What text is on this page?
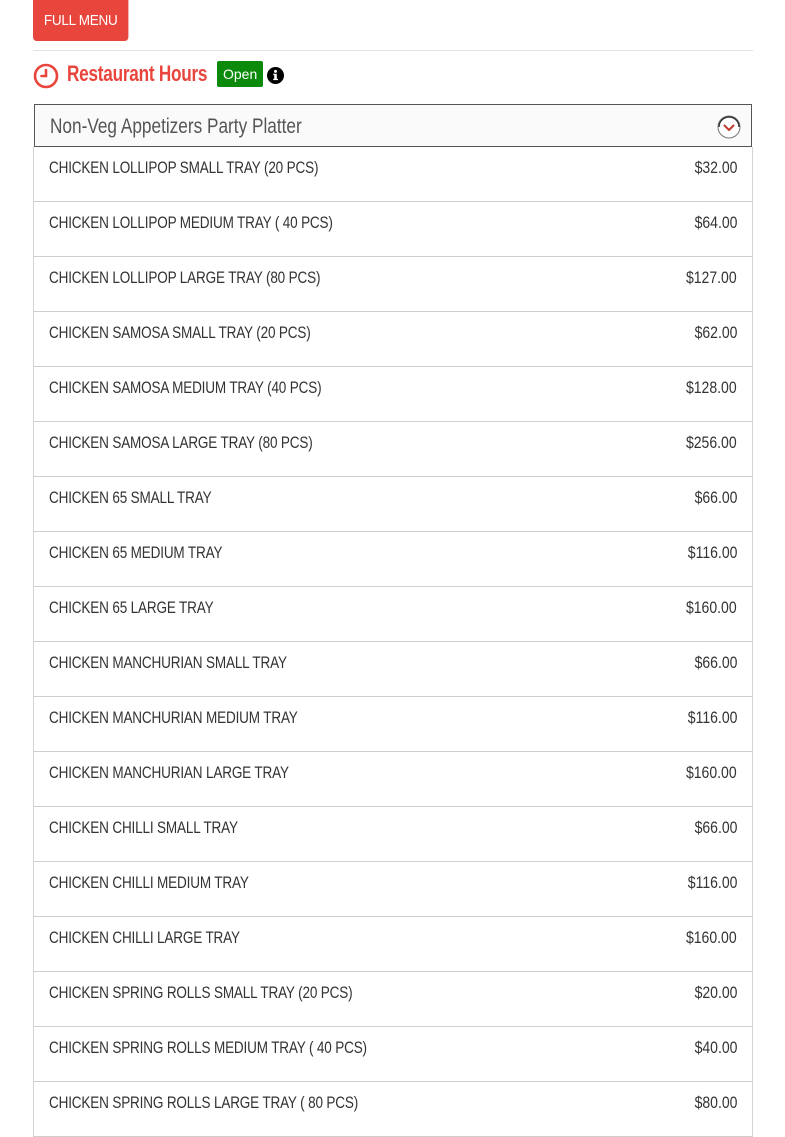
FULL MENU
Restaurant Hours	Open
Non-Veg Appetizers Party Platter
CHICKEN LOLLIPOP SMALL TRAY (20 PCS)	$32.00
CHICKEN LOLLIPOP MEDIUM TRAY ( 40 PCS)	$64.00
CHICKEN LOLLIPOP LARGE TRAY (80 PCS)	$127.00
CHICKEN SAMOSA SMALL TRAY (20 PCS)	$62.00
CHICKEN SAMOSA MEDIUM TRAY (40 PCS)	$128.00
CHICKEN SAMOSA LARGE TRAY (80 PCS)	$256.00
CHICKEN 65 SMALL TRAY	$66.00
CHICKEN 65 MEDIUM TRAY	$116.00
CHICKEN 65 LARGE TRAY	$160.00
CHICKEN MANCHURIAN SMALL TRAY	$66.00
CHICKEN MANCHURIAN MEDIUM TRAY	$116.00
CHICKEN MANCHURIAN LARGE TRAY	$160.00
CHICKEN CHILLI SMALL TRAY	$66.00
CHICKEN CHILLI MEDIUM TRAY	$116.00
CHICKEN CHILLI LARGE TRAY	$160.00
CHICKEN SPRING ROLLS SMALL TRAY (20 PCS)	$20.00
CHICKEN SPRING ROLLS MEDIUM TRAY ( 40 PCS)	$40.00
CHICKEN SPRING ROLLS LARGE TRAY ( 80 PCS)	$80.00
